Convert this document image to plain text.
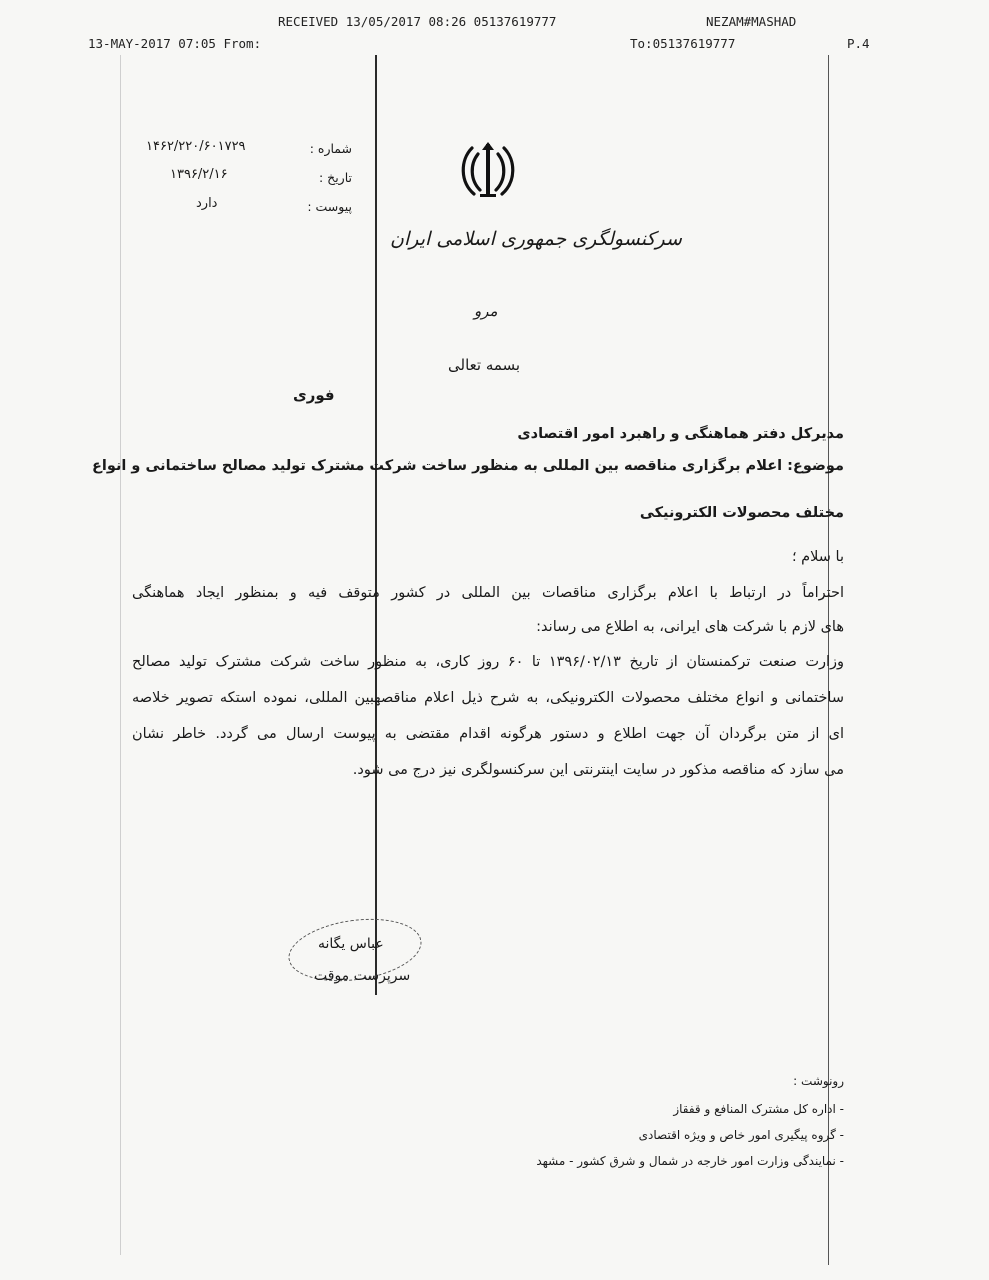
RECEIVED 13/05/2017 08:26 05137619777	NEZAM#MASHAD
13-MAY-2017 07:05 From:	To:05137619777	P.4
شماره :
۱۴۶۲/۲۲۰/۶۰۱۷۲۹
تاریخ :
۱۳۹۶/۲/۱۶
پیوست :
دارد
سرکنسولگری جمهوری اسلامی ایران
مرو
بسمه تعالی
فوری
مدیرکل دفتر هماهنگی و راهبرد امور اقتصادی
موضوع: اعلام برگزاری مناقصه بین المللی به منظور ساخت شرکت مشترک تولید مصالح ساختمانی و انواع
مختلف محصولات الکترونیکی
با سلام ؛
احتراماً در ارتباط با اعلام برگزاری مناقصات بین المللی در کشور متوقف فیه و بمنظور ایجاد هماهنگی
های لازم با شرکت های ایرانی، به اطلاع می رساند:
وزارت صنعت ترکمنستان از تاریخ ۱۳۹۶/۰۲/۱۳ تا ۶۰ روز کاری، به منظور ساخت شرکت مشترک تولید مصالح
ساختمانی و انواع مختلف محصولات الکترونیکی، به شرح ذیل اعلام مناقصهبین المللی، نموده استکه تصویر خلاصه
ای از متن برگردان آن جهت اطلاع و دستور هرگونه اقدام مقتضی به پیوست ارسال می گردد. خاطر نشان
می سازد که مناقصه مذکور در سایت اینترنتی این سرکنسولگری نیز درج می شود.
عباس یگانه
سرپرست موقت
رونوشت :
- اداره کل مشترک المنافع و قفقاز
- گروه پیگیری امور خاص و ویژه اقتصادی
- نمایندگی وزارت امور خارجه در شمال و شرق کشور - مشهد
